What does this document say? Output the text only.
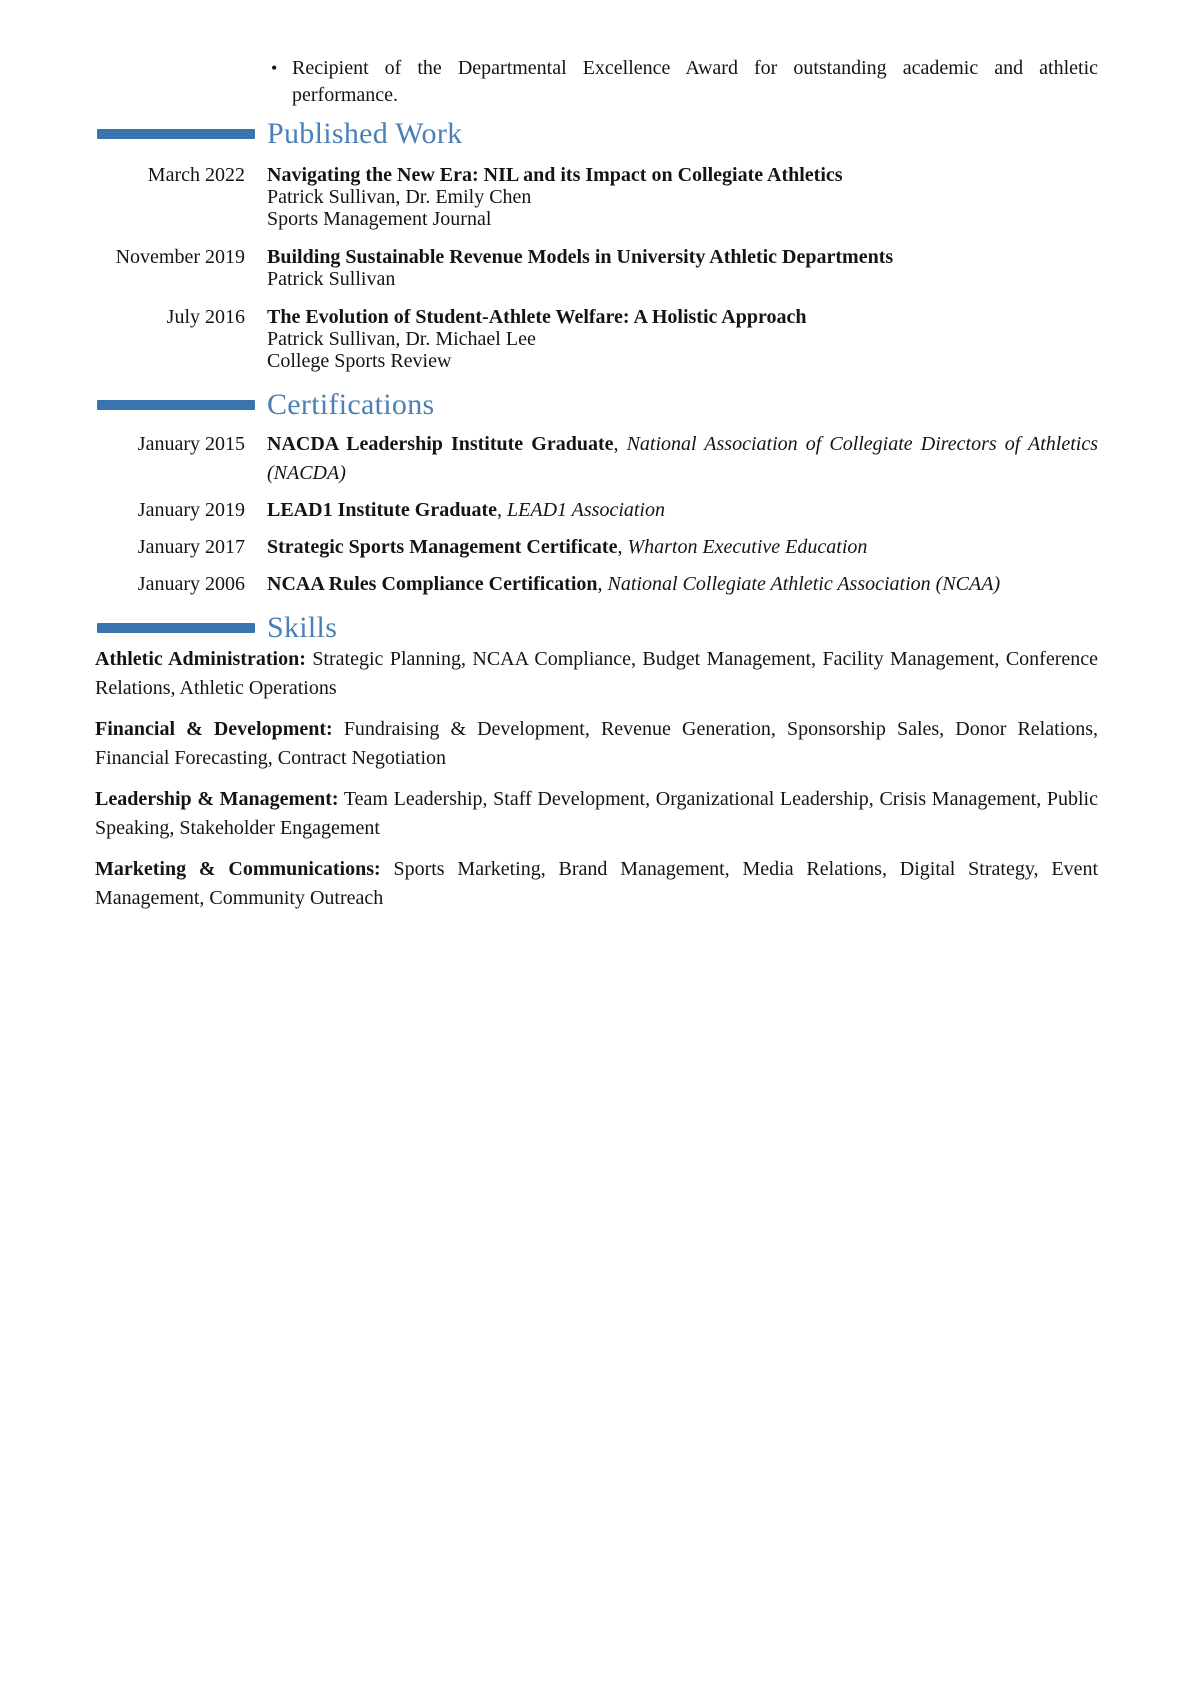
• Recipient of the Departmental Excellence Award for outstanding academic and athletic performance.
Published Work
March 2022 Navigating the New Era: NIL and its Impact on Collegiate Athletics
Patrick Sullivan, Dr. Emily Chen
Sports Management Journal
November 2019 Building Sustainable Revenue Models in University Athletic Departments
Patrick Sullivan
July 2016 The Evolution of Student-Athlete Welfare: A Holistic Approach
Patrick Sullivan, Dr. Michael Lee
College Sports Review
Certifications
January 2015 NACDA Leadership Institute Graduate, National Association of Collegiate Directors of Athletics (NACDA)
January 2019 LEAD1 Institute Graduate, LEAD1 Association
January 2017 Strategic Sports Management Certificate, Wharton Executive Education
January 2006 NCAA Rules Compliance Certification, National Collegiate Athletic Association (NCAA)
Skills

Athletic Administration: Strategic Planning, NCAA Compliance, Budget Management, Facility Management, Conference Relations, Athletic Operations

Financial & Development: Fundraising & Development, Revenue Generation, Sponsorship Sales, Donor Relations, Financial Forecasting, Contract Negotiation

Leadership & Management: Team Leadership, Staff Development, Organizational Leadership, Crisis Management, Public Speaking, Stakeholder Engagement

Marketing & Communications: Sports Marketing, Brand Management, Media Relations, Digital Strategy, Event Management, Community Outreach
